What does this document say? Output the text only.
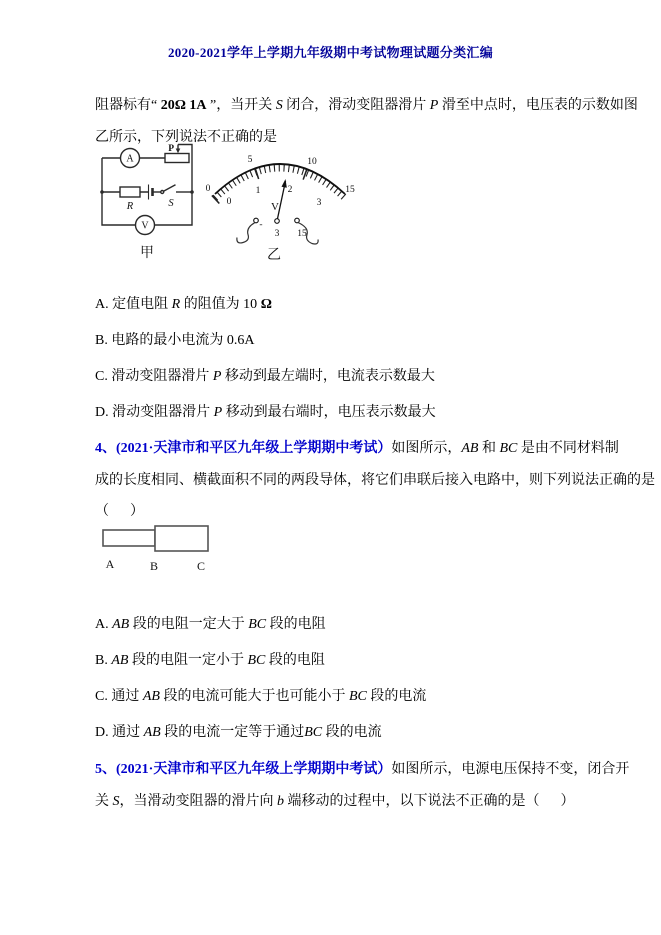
2020-2021学年上学期九年级期中考试物理试题分类汇编

阻器标有“ 20Ω 1A ”，当开关 S 闭合，滑动变阻器滑片 P 滑至中点时，电压表的示数如图

乙所示，下列说法不正确的是

A
V
R	S
P
甲
0
5	10
15
0
1	2
3
V
-
3 15
乙

A. 定值电阻 R 的阻值为 10 Ω

B. 电路的最小电流为 0.6A

C. 滑动变阻器滑片 P 移动到最左端时，电流表示数最大

D. 滑动变阻器滑片 P 移动到最右端时，电压表示数最大

4、(2021·天津市和平区九年级上学期期中考试）如图所示，AB 和 BC 是由不同材料制

成的长度相同、横截面积不同的两段导体，将它们串联后接入电路中，则下列说法正确的是

（      ）

A	B	C

A. AB 段的电阻一定大于 BC 段的电阻

B. AB 段的电阻一定小于 BC 段的电阻

C. 通过 AB 段的电流可能大于也可能小于 BC 段的电流

D. 通过 AB 段的电流一定等于通过BC 段的电流

5、(2021·天津市和平区九年级上学期期中考试）如图所示，电源电压保持不变，闭合开

关 S，当滑动变阻器的滑片向 b 端移动的过程中，以下说法不正确的是（      ）
